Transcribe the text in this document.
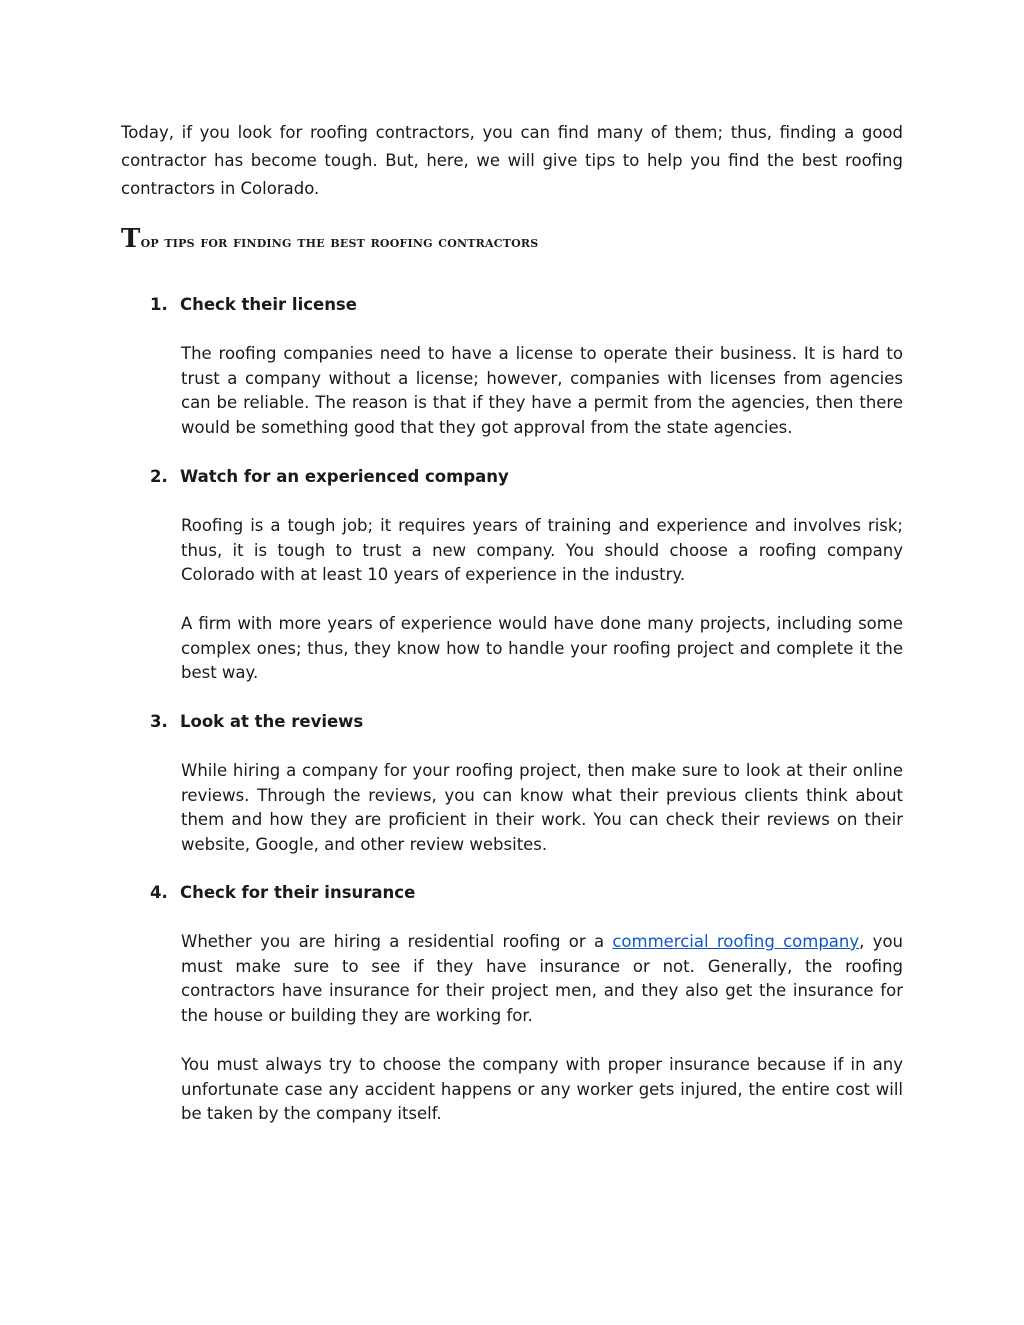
Today, if you look for roofing contractors, you can find many of them; thus, finding a good contractor has become tough. But, here, we will give tips to help you find the best roofing contractors in Colorado.

Top tips for finding the best roofing contractors
1. Check their license

The roofing companies need to have a license to operate their business. It is hard to trust a company without a license; however, companies with licenses from agencies can be reliable. The reason is that if they have a permit from the agencies, then there would be something good that they got approval from the state agencies.

2. Watch for an experienced company

Roofing is a tough job; it requires years of training and experience and involves risk; thus, it is tough to trust a new company. You should choose a roofing company Colorado with at least 10 years of experience in the industry.

A firm with more years of experience would have done many projects, including some complex ones; thus, they know how to handle your roofing project and complete it the best way.

3. Look at the reviews

While hiring a company for your roofing project, then make sure to look at their online reviews. Through the reviews, you can know what their previous clients think about them and how they are proficient in their work. You can check their reviews on their website, Google, and other review websites.

4. Check for their insurance

Whether you are hiring a residential roofing or a commercial roofing company, you must make sure to see if they have insurance or not. Generally, the roofing contractors have insurance for their project men, and they also get the insurance for the house or building they are working for.

You must always try to choose the company with proper insurance because if in any unfortunate case any accident happens or any worker gets injured, the entire cost will be taken by the company itself.
